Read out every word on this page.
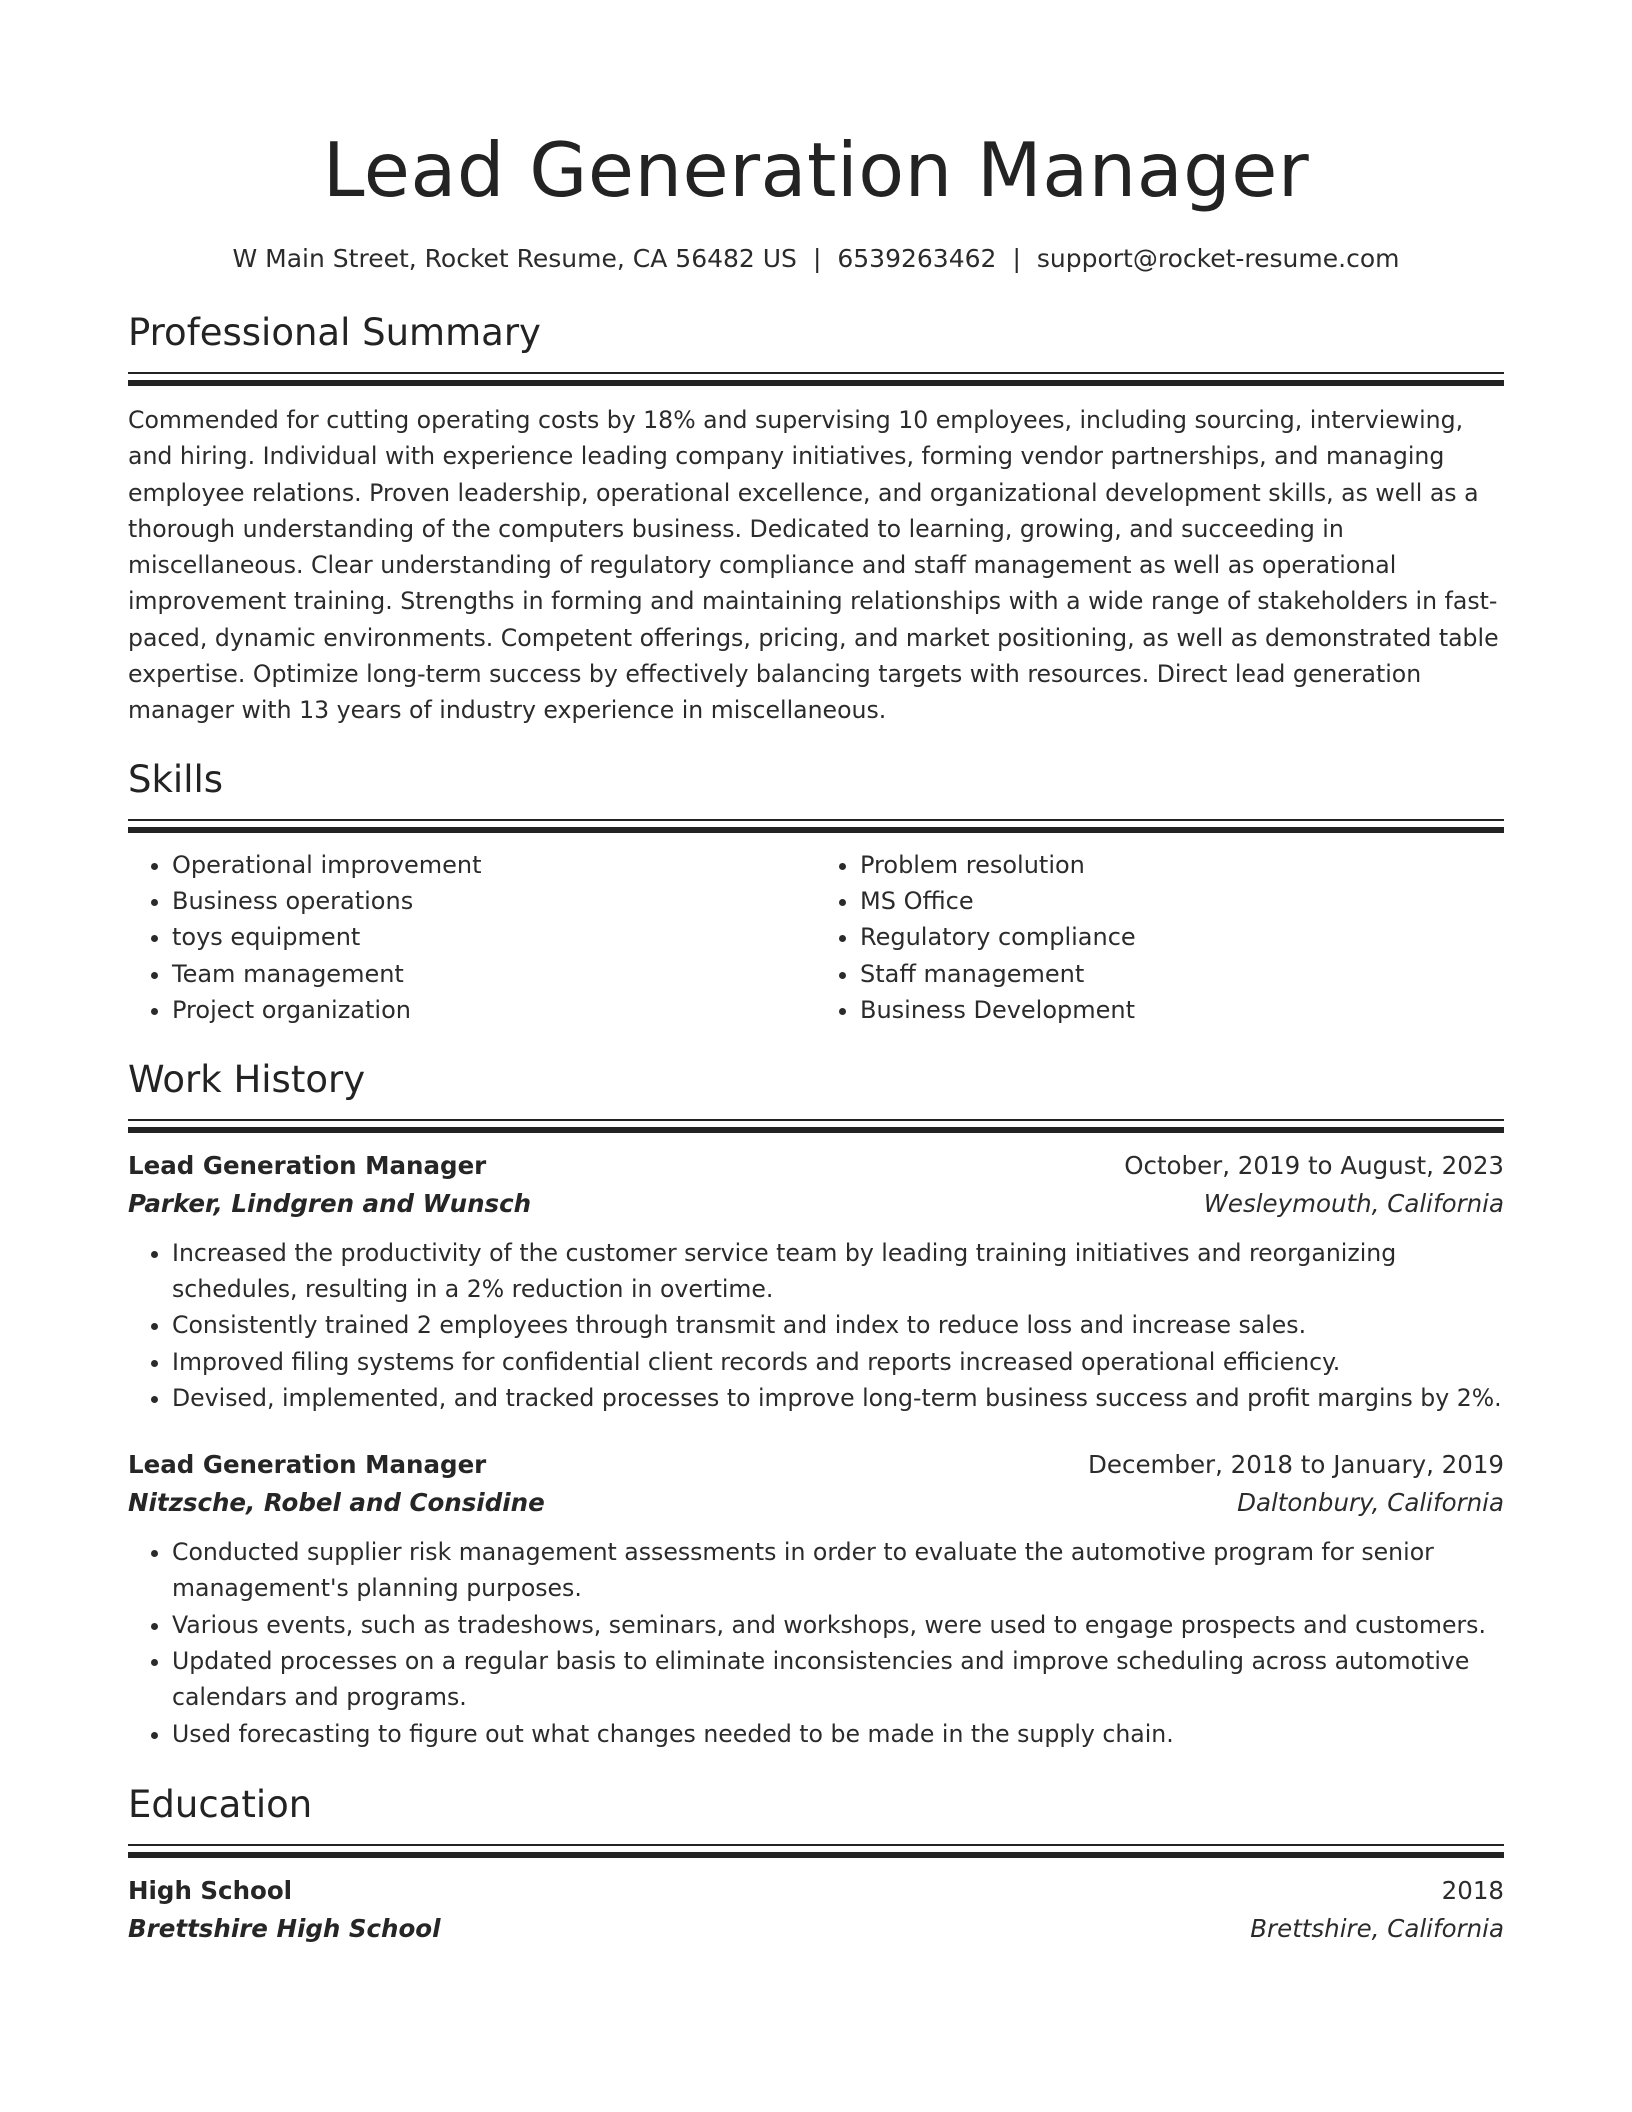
Lead Generation Manager
W Main Street, Rocket Resume, CA 56482 US | 6539263462 | support@rocket-resume.com
Professional Summary
Commended for cutting operating costs by 18% and supervising 10 employees, including sourcing, interviewing, and hiring. Individual with experience leading company initiatives, forming vendor partnerships, and managing employee relations. Proven leadership, operational excellence, and organizational development skills, as well as a thorough understanding of the computers business. Dedicated to learning, growing, and succeeding in miscellaneous. Clear understanding of regulatory compliance and staff management as well as operational improvement training. Strengths in forming and maintaining relationships with a wide range of stakeholders in fast-paced, dynamic environments. Competent offerings, pricing, and market positioning, as well as demonstrated table expertise. Optimize long-term success by effectively balancing targets with resources. Direct lead generation manager with 13 years of industry experience in miscellaneous.
Skills
• Operational improvement
• Business operations
• toys equipment
• Team management
• Project organization
• Problem resolution
• MS Office
• Regulatory compliance
• Staff management
• Business Development
Work History
Lead Generation Manager	October, 2019 to August, 2023
Parker, Lindgren and Wunsch	Wesleymouth, California
• Increased the productivity of the customer service team by leading training initiatives and reorganizing schedules, resulting in a 2% reduction in overtime.
• Consistently trained 2 employees through transmit and index to reduce loss and increase sales.
• Improved filing systems for confidential client records and reports increased operational efficiency.
• Devised, implemented, and tracked processes to improve long-term business success and profit margins by 2%.
Lead Generation Manager	December, 2018 to January, 2019
Nitzsche, Robel and Considine	Daltonbury, California
• Conducted supplier risk management assessments in order to evaluate the automotive program for senior management's planning purposes.
• Various events, such as tradeshows, seminars, and workshops, were used to engage prospects and customers.
• Updated processes on a regular basis to eliminate inconsistencies and improve scheduling across automotive calendars and programs.
• Used forecasting to figure out what changes needed to be made in the supply chain.
Education
High School	2018
Brettshire High School	Brettshire, California
